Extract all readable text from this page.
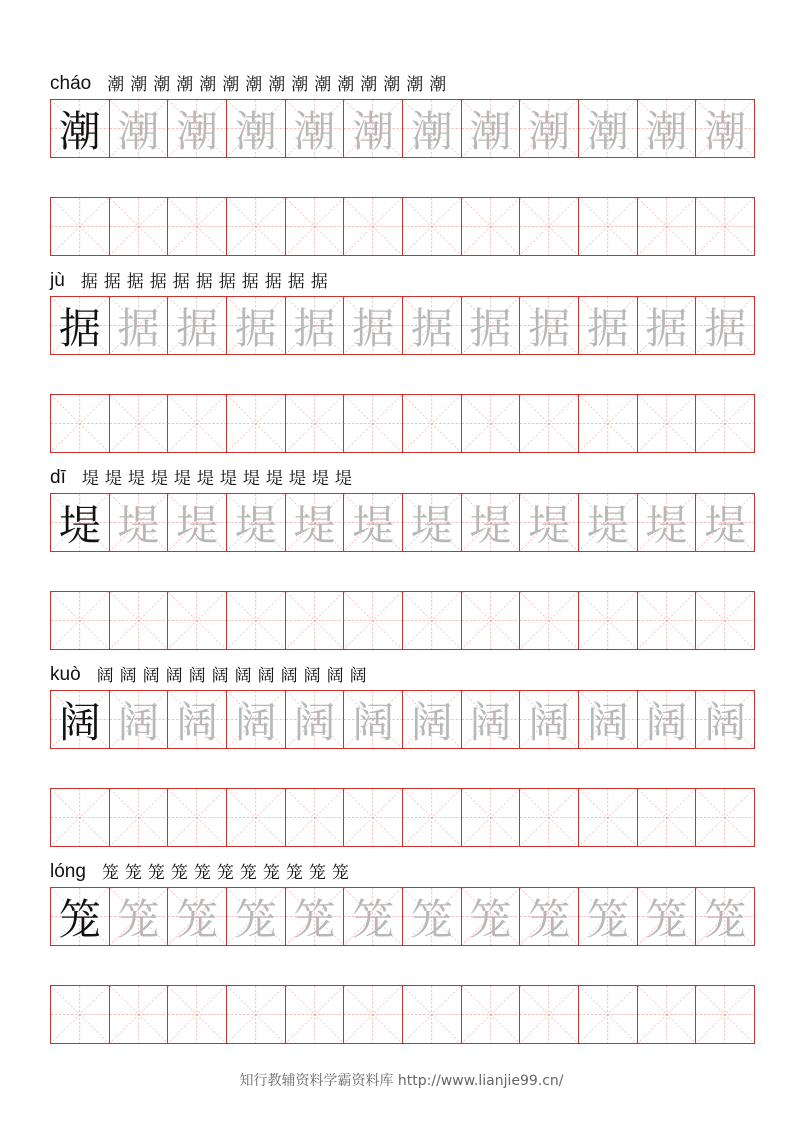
cháo 潮 潮 潮 潮 潮 潮 潮 潮 潮 潮 潮 潮 潮 潮 潮
潮 潮 潮 潮 潮 潮 潮 潮 潮 潮 潮 潮
jù 据 据 据 据 据 据 据 据 据 据 据
据 据 据 据 据 据 据 据 据 据 据 据
dī 堤 堤 堤 堤 堤 堤 堤 堤 堤 堤 堤 堤
堤 堤 堤 堤 堤 堤 堤 堤 堤 堤 堤 堤
kuò 阔 阔 阔 阔 阔 阔 阔 阔 阔 阔 阔 阔
阔 阔 阔 阔 阔 阔 阔 阔 阔 阔 阔 阔
lóng 笼 笼 笼 笼 笼 笼 笼 笼 笼 笼 笼
笼 笼 笼 笼 笼 笼 笼 笼 笼 笼 笼 笼
知行教辅资料学霸资料库 http://www.lianjie99.cn/
